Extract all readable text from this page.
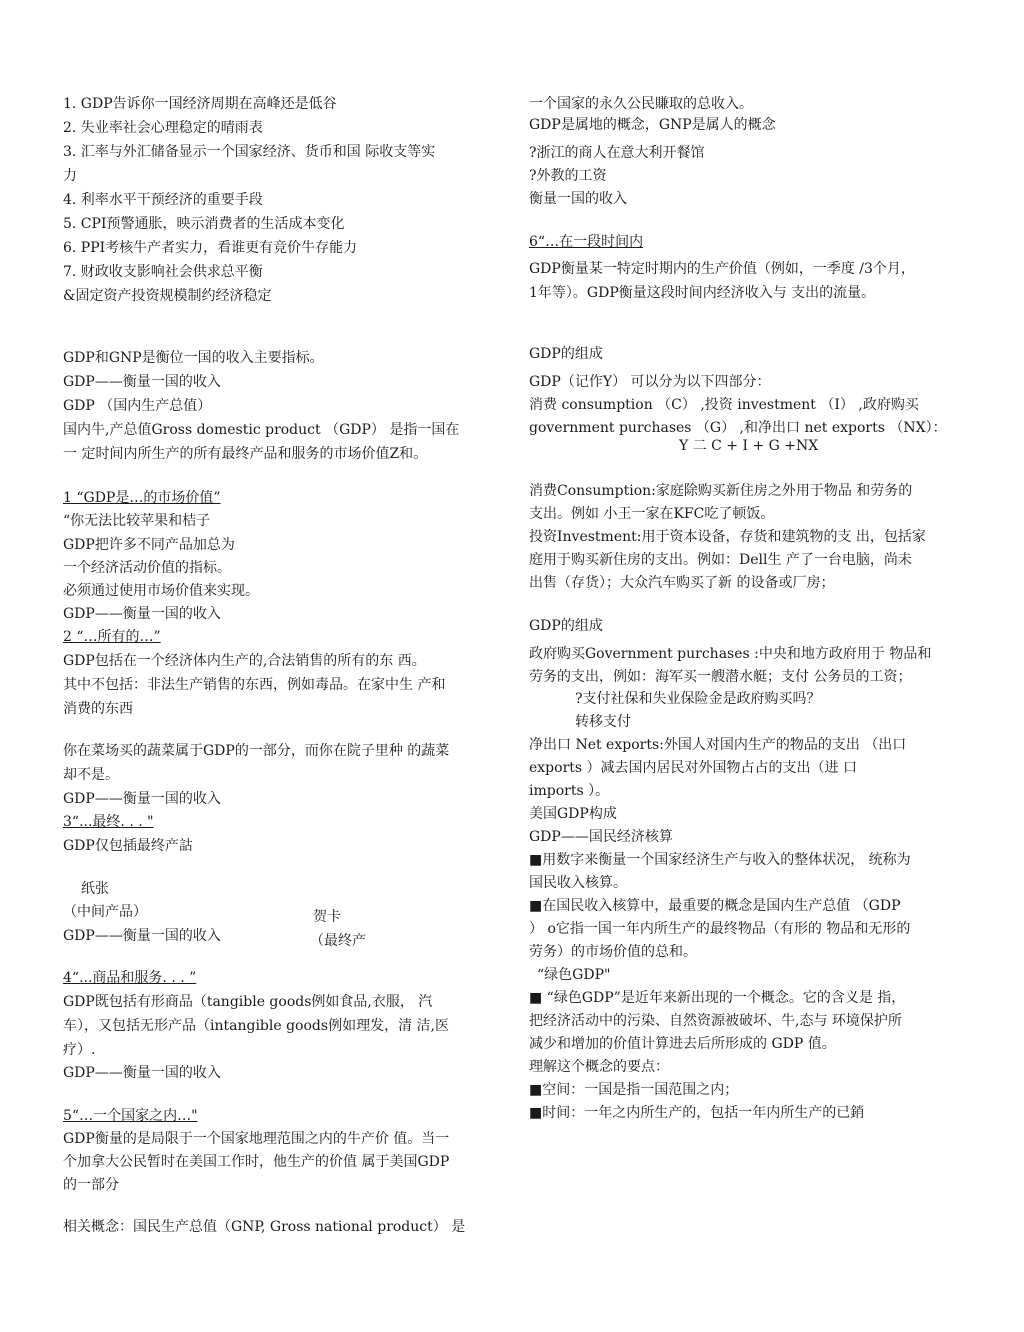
1. GDP告诉你一国经济周期在高峰还是低谷
2. 失业率社会心理稳定的晴雨表
3. 汇率与外汇储备显示一个国家经济、货币和国 际收支等实
力
4. 利率水平干预经济的重要手段
5. CPI预警通胀，映示消费者的生活成本变化
6. PPI考核牛产者实力，看谁更有竞价牛存能力
7. 财政收支影响社会供求总平衡
&固定资产投资规模制约经济稳定
GDP和GNP是衡位一国的收入主要指标。
GDP——衡量一国的收入
GDP （国内生产总值）
国内牛,产总值Gross domestic product （GDP） 是指一国在
一 定时间内所生产的所有最终产品和服务的市场价值Z和。
1 “GDP是…的市场价值”
“你无法比较苹果和桔子
GDP把许多不同产品加总为
一个经济活动价值的指标。
必须通过使用市场价值来实现。
GDP——衡量一国的收入
2 “…所有的…”
GDP包括在一个经济体内生产的,合法销售的所有的东 西。
其中不包括：非法生产销售的东西，例如毒品。在家中生 产和
消费的东西
你在菜场买的蔬菜属于GDP的一部分，而你在院子里种 的蔬菜
却不是。
GDP——衡量一国的收入
3“...最终. . . "
GDP仅包插最终产詁
纸张
（中间产品）
GDP——衡量一国的收入
贺卡
（最终产
4“...商品和服务. . . ”
GDP既包括有形商品（tangible goods例如食品,衣服， 汽
车），又包括无形产品（intangible goods例如理发，清 洁,医
疗）.
GDP——衡量一国的收入
5“…一个国家之内…"
GDP衡量的是局限于一个国家地理范围之内的牛产价 值。当一
个加拿大公民暂时在美国工作时，他生产的价值 属于美国GDP
的一部分
相关概念：国民生产总值（GNP, Gross national product） 是
一个国家的永久公民賺取的总收入。
GDP是属地的概念，GNP是属人的概念
?浙江的商人在意大利开餐馆
?外教的工资
衡量一国的收入
6“…在一段时间内
GDP衡量某一特定时期内的生产价值（例如，一季度 /3个月，
1年等）。GDP衡量这段时间内经济收入与 支出的流量。
GDP的组成
GDP（记作Y） 可以分为以下四部分：
消费 consumption （C） ,投资 investment （I） ,政府购买
government purchases （G） ,和净出口 net exports （NX）：
Y 二 C + I + G +NX
消费Consumption:家庭除购买新住房之外用于物品 和劳务的
支出。例如 小王一家在KFC吃了顿饭。
投资Investment:用于资本设备，存货和建筑物的支 出，包括家
庭用于购买新住房的支出。例如：Dell生 产了一台电脑，尚未
出售（存货）；大众汽车购买了新 的设备或厂房；
GDP的组成
政府购买Government purchases :中央和地方政府用于 物品和
劳务的支出，例如：海军买一艘潜水艇；支付 公务员的工资；
?支付社保和失业保险金是政府购买吗？
转移支付
净出口 Net exports:外国人对国内生产的物品的支出 （出口
exports ）减去国内居民对外国物占占的支出（进 口
imports ）。
美国GDP构成
GDP——国民经济核算
■用数字来衡量一个国家经济生产与收入的整体状况， 统称为
国民收入核算。
■在国民收入核算中，最重要的概念是国内生产总值 （GDP
） o它指一国一年内所生产的最终物品（有形的 物品和无形的
劳务）的市场价值的总和。
“绿色GDP"
■ “绿色GDP”是近年来新出现的一个概念。它的含义是 指，
把经济活动中的污染、自然资源被破坏、牛,态与 环境保护所
减少和增加的价值计算进去后所形成的 GDP 值。
理解这个概念的要点：
■空间：一国是指一国范围之内；
■时间：一年之内所生产的，包括一年内所生产的已銷
